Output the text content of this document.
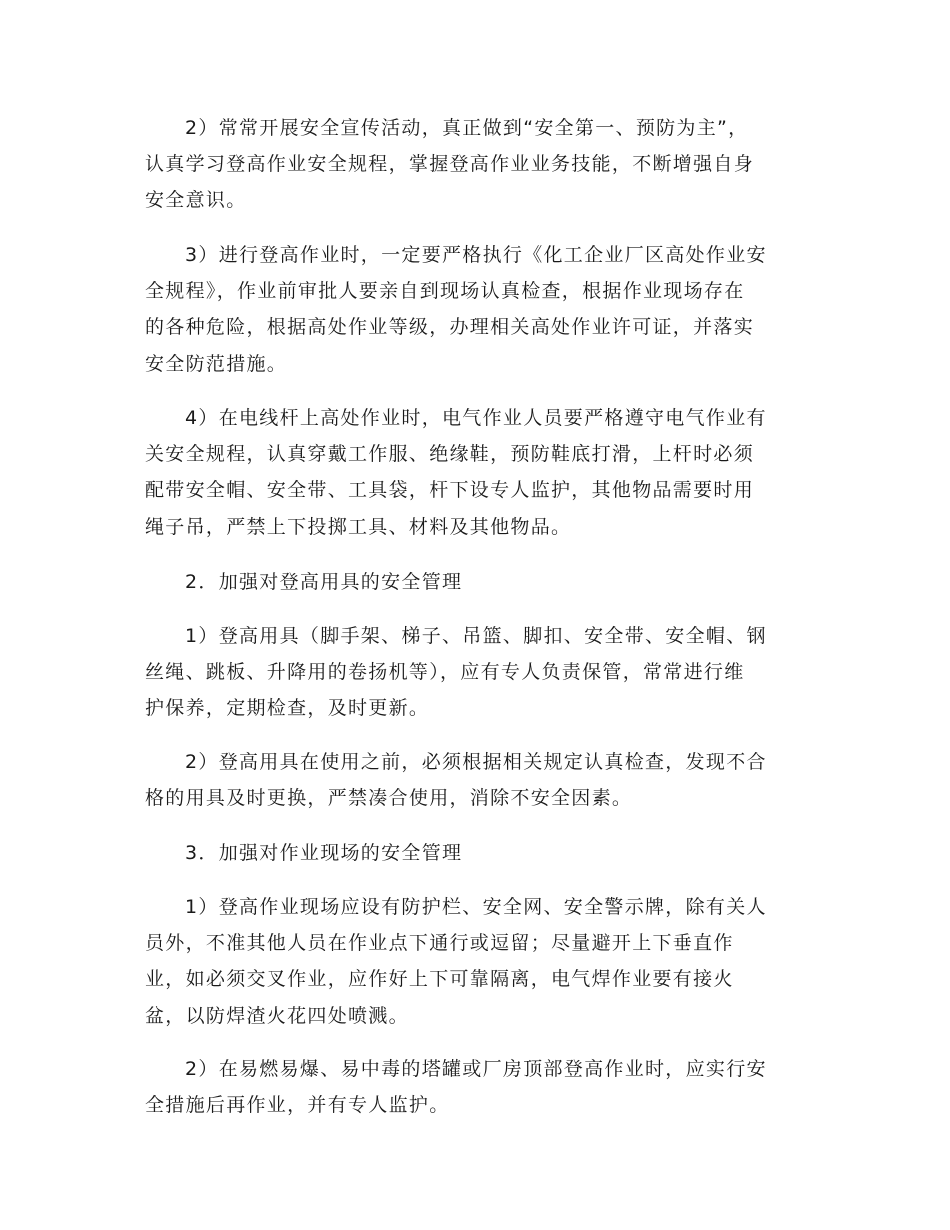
2）常常开展安全宣传活动，真正做到“安全第一、预防为主”，
认真学习登高作业安全规程，掌握登高作业业务技能，不断增强自身
安全意识。

3）进行登高作业时，一定要严格执行《化工企业厂区高处作业安
全规程》，作业前审批人要亲自到现场认真检查，根据作业现场存在
的各种危险，根据高处作业等级，办理相关高处作业许可证，并落实
安全防范措施。

4）在电线杆上高处作业时，电气作业人员要严格遵守电气作业有
关安全规程，认真穿戴工作服、绝缘鞋，预防鞋底打滑，上杆时必须
配带安全帽、安全带、工具袋，杆下设专人监护，其他物品需要时用
绳子吊，严禁上下投掷工具、材料及其他物品。

2．加强对登高用具的安全管理

1）登高用具（脚手架、梯子、吊篮、脚扣、安全带、安全帽、钢
丝绳、跳板、升降用的卷扬机等），应有专人负责保管，常常进行维
护保养，定期检查，及时更新。

2）登高用具在使用之前，必须根据相关规定认真检查，发现不合
格的用具及时更换，严禁凑合使用，消除不安全因素。

3．加强对作业现场的安全管理

1）登高作业现场应设有防护栏、安全网、安全警示牌，除有关人
员外，不准其他人员在作业点下通行或逗留；尽量避开上下垂直作
业，如必须交叉作业，应作好上下可靠隔离，电气焊作业要有接火
盆，以防焊渣火花四处喷溅。

2）在易燃易爆、易中毒的塔罐或厂房顶部登高作业时，应实行安
全措施后再作业，并有专人监护。
